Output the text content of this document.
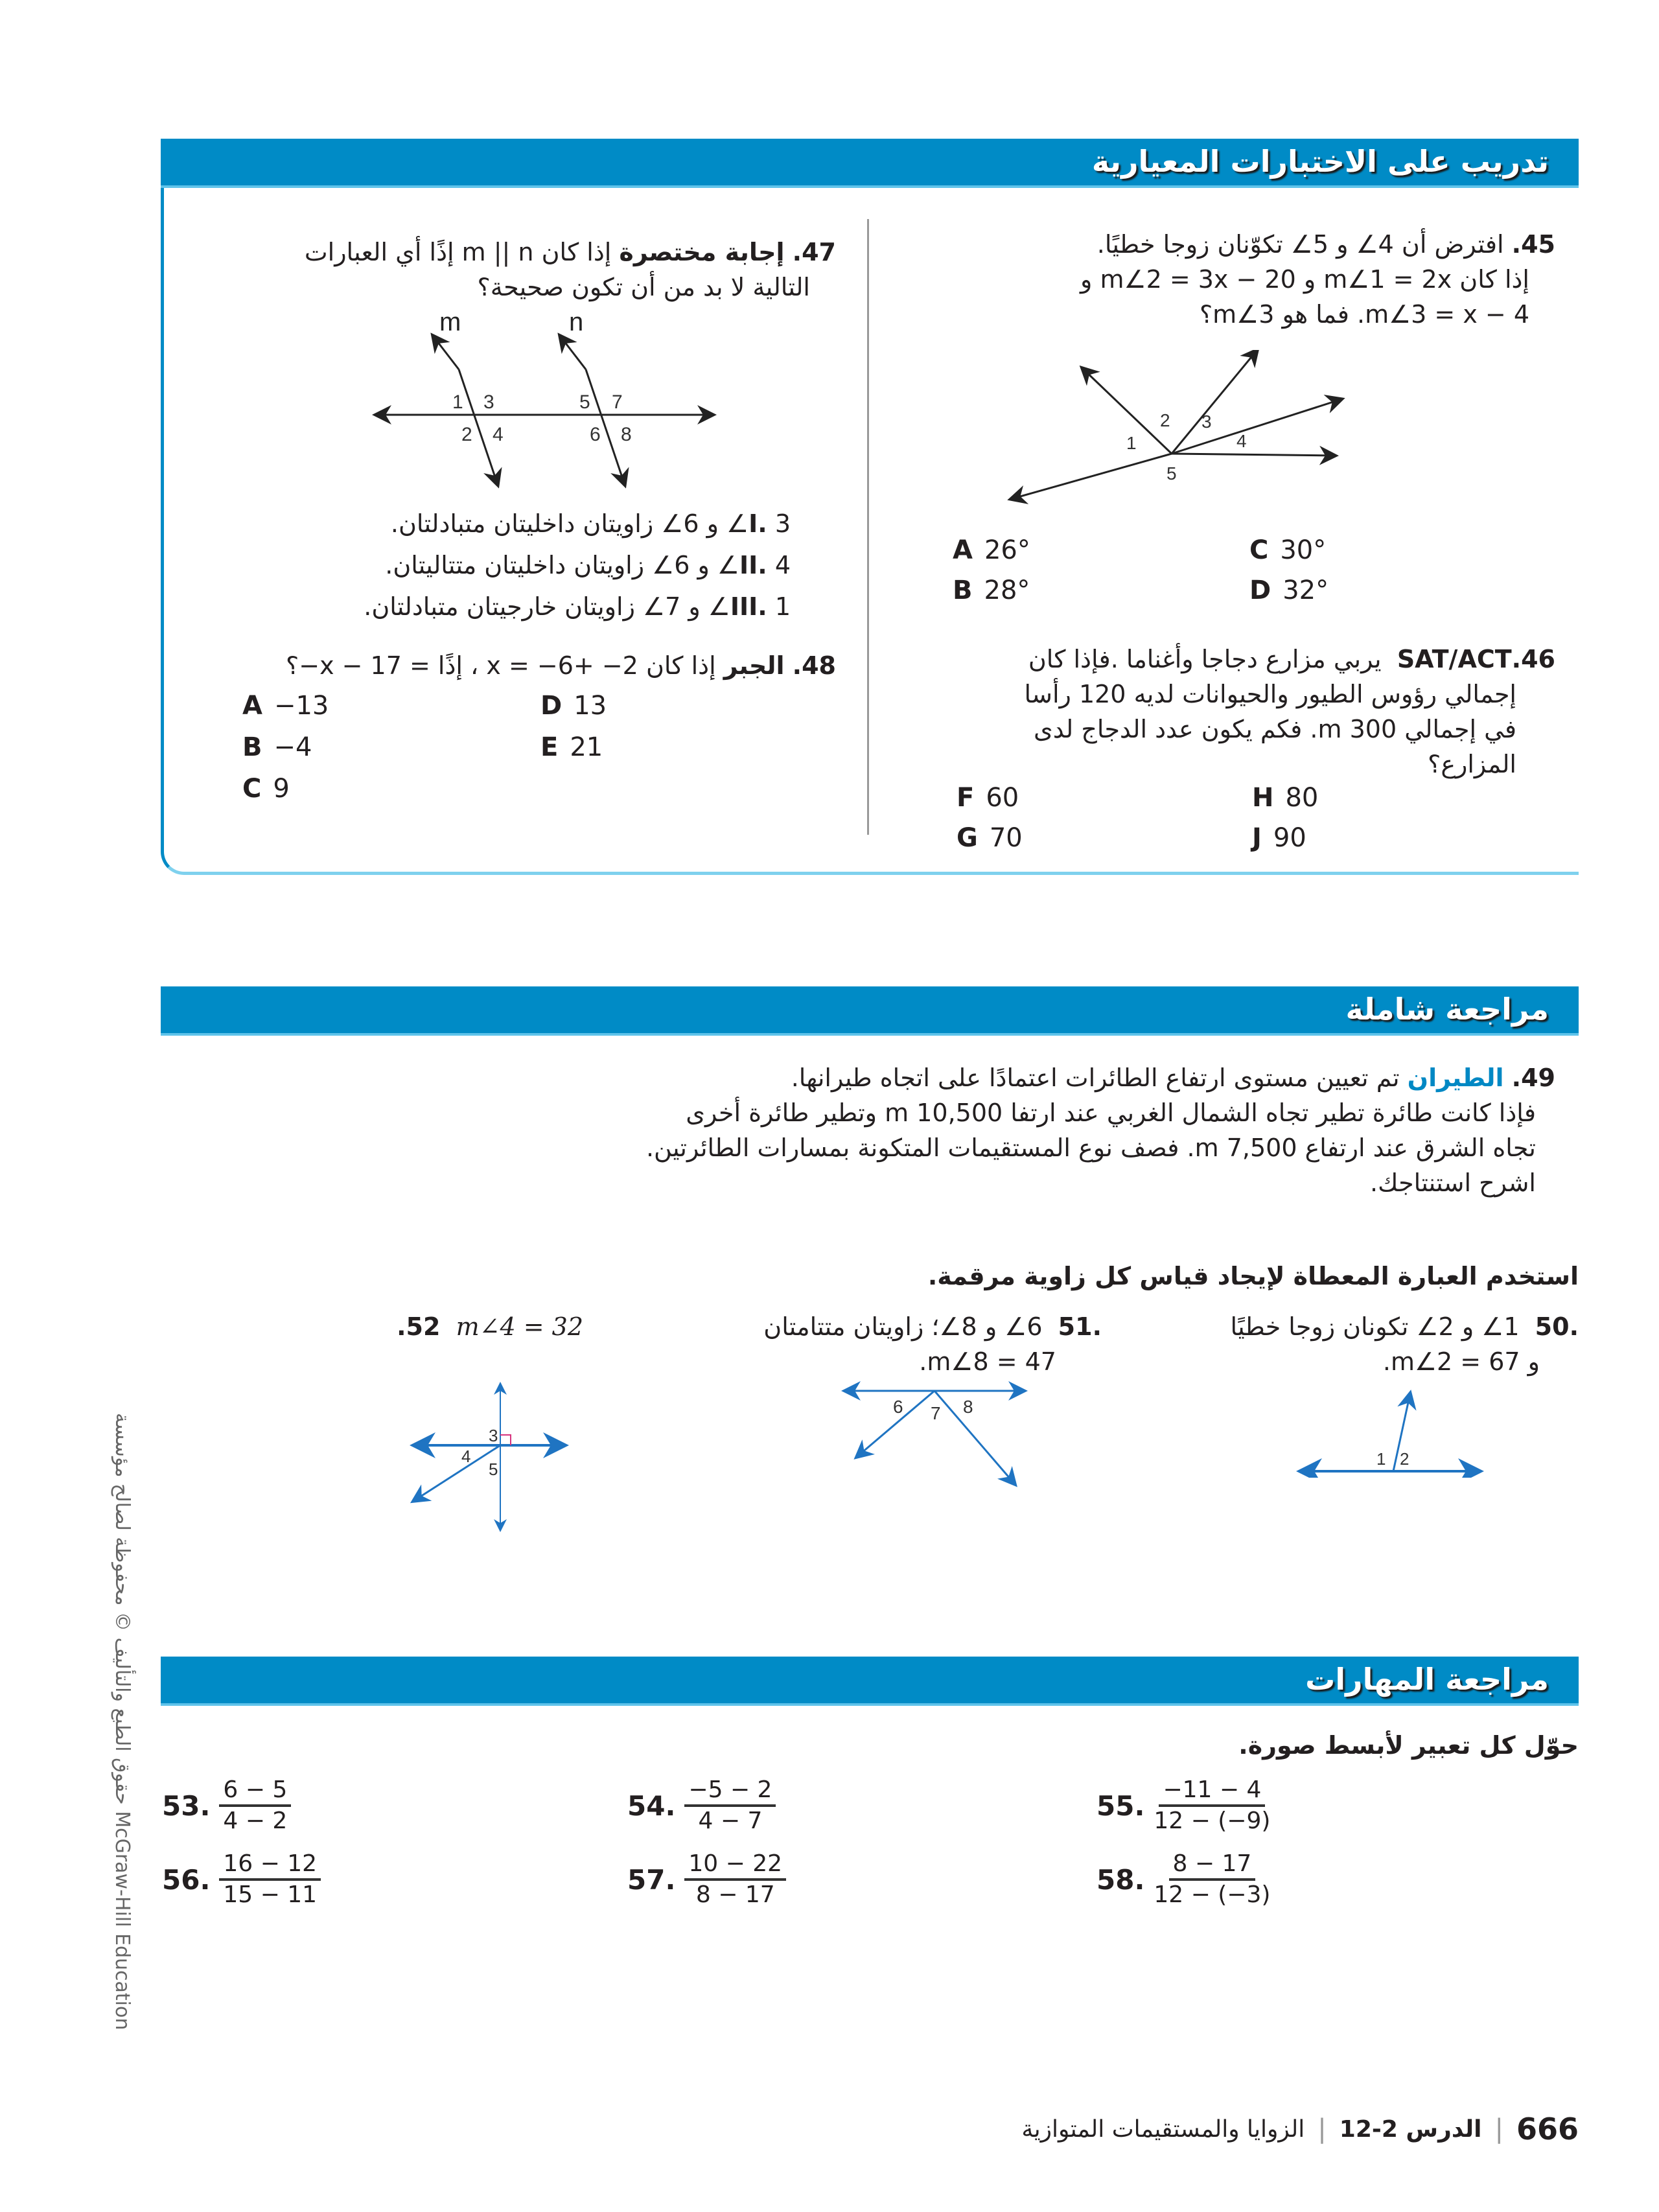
تدريب على الاختبارات المعيارية
45. افترض أن 4∠ و 5∠ تكوّنان زوجا خطيًا.
إذا كان m∠1 = 2x و m∠2 = 3x − 20 و
m∠3 = x − 4. فما هو m∠3؟
1
2 3
4
5
A 26°
B 28°
C 30°
D 32°
46.SAT/ACT  يربي مزارع دجاجا وأغناما .فإذا كان
إجمالي رؤوس الطيور والحيوانات لديه 120 رأسا
في إجمالي 300 m. فكم يكون عدد الدجاج لدى
المزارع؟
F 60
G 70
H 80
J 90
47. إجابة مختصرة إذا كان m || n إذًا أي العبارات
التالية لا بد من أن تكون صحيحة؟
m	n
1
2
3
4
5
6
7
8
I. 3∠ و 6∠ زاويتان داخليتان متبادلتان.
II. 4∠ و 6∠ زاويتان داخليتان متتاليتان.
III. 1∠ و 7∠ زاويتان خارجيتان متبادلتان.
48. الجبر إذا كان 2− +6− = x ، إذًا = x − 17−؟
A −13
B −4
C 9
D 13
E 21
مراجعة شاملة
49. الطيران تم تعيين مستوى ارتفاع الطائرات اعتمادًا على اتجاه طيرانها.
فإذا كانت طائرة تطير تجاه الشمال الغربي عند ارتفا 10,500 m وتطير طائرة أخرى
تجاه الشرق عند ارتفاع 7,500 m. فصف نوع المستقيمات المتكونة بمسارات الطائرتين.
اشرح استنتاجك.
استخدم العبارة المعطاة لإيجاد قياس كل زاوية مرقمة.
.50  1∠ و 2∠ تكونان زوجا خطيًا
و m∠2 = 67.
1 2
.51  6∠ و 8∠؛ زاويتان متتامتان
m∠8 = 47.
6 7 8
.52 m∠4 = 32
3
4
5
مراجعة المهارات
حوّل كل تعبير لأبسط صورة.
53. $\frac{6 - 5}{4 - 2}$	54. $\frac{-5 - 2}{4 - 7}$	55. $\frac{-11 - 4}{12 - (-9)}$
56. $\frac{16 - 12}{15 - 11}$	57. $\frac{10 - 22}{8 - 17}$	58. $\frac{8 - 17}{12 - (-3)}$
حقوق الطبع والتأليف © محفوظة لصالح مؤسسة McGraw-Hill Education
666
|
الدرس 2-12
|
الزوايا والمستقيمات المتوازية
